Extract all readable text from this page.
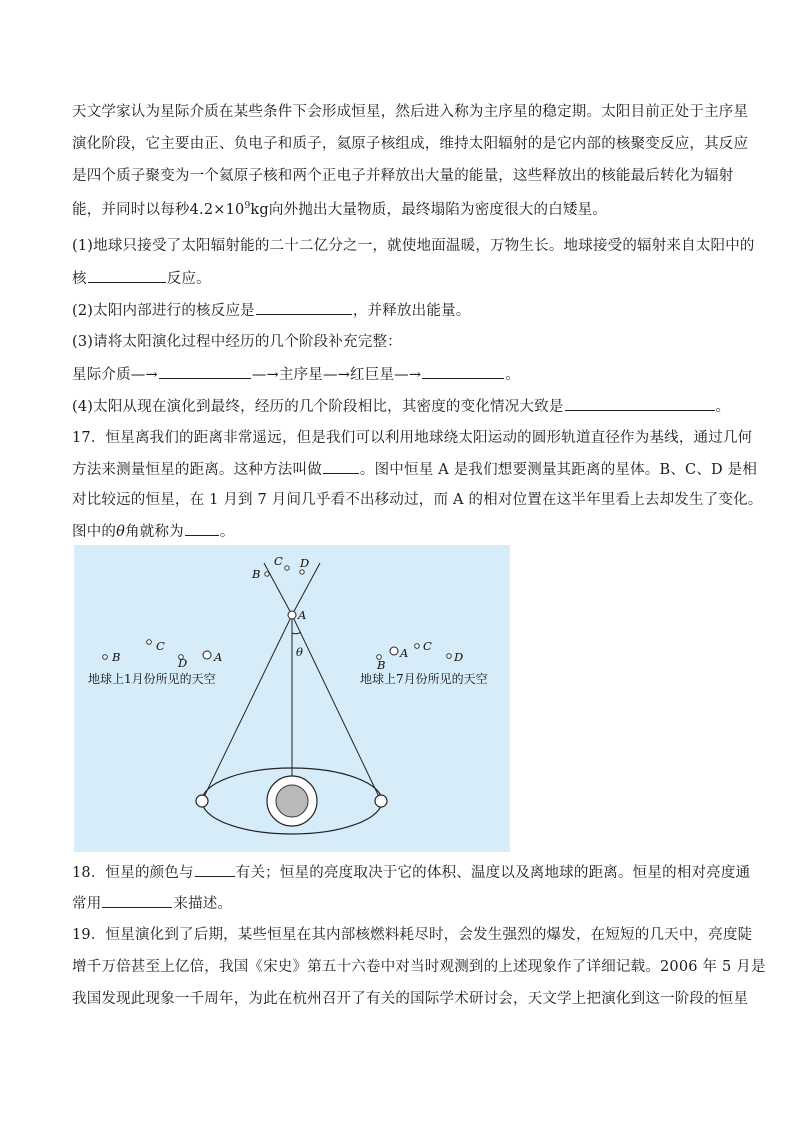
天文学家认为星际介质在某些条件下会形成恒星，然后进入称为主序星的稳定期。太阳目前正处于主序星
演化阶段，它主要由正、负电子和质子，氦原子核组成，维持太阳辐射的是它内部的核聚变反应，其反应
是四个质子聚变为一个氦原子核和两个正电子并释放出大量的能量，这些释放出的核能最后转化为辐射
能，并同时以每秒$4.2\times 10^9kg$向外抛出大量物质，最终塌陷为密度很大的白矮星。
(1)地球只接受了太阳辐射能的二十二亿分之一，就使地面温暖，万物生长。地球接受的辐射来自太阳中的
核	反应。
(2)太阳内部进行的核反应是	，并释放出能量。
(3)请将太阳演化过程中经历的几个阶段补充完整：
星际介质—→	—→主序星—→红巨星—→	。
(4)太阳从现在演化到最终，经历的几个阶段相比，其密度的变化情况大致是	。
17．恒星离我们的距离非常遥远，但是我们可以利用地球绕太阳运动的圆形轨道直径作为基线，通过几何
方法来测量恒星的距离。这种方法叫做	。图中恒星 A 是我们想要测量其距离的星体。B、C、D 是相
对比较远的恒星，在 1 月到 7 月间几乎看不出移动过，而 A 的相对位置在这半年里看上去却发生了变化。
图中的θ角就称为 。
A
θ
B
C D
B
C
D A
地球上1月份所见的天空
B
A C
D
地球上7月份所见的天空
18．恒星的颜色与	有关；恒星的亮度取决于它的体积、温度以及离地球的距离。恒星的相对亮度通
常用	来描述。
19．恒星演化到了后期，某些恒星在其内部核燃料耗尽时，会发生强烈的爆发，在短短的几天中，亮度陡
增千万倍甚至上亿倍，我国《宋史》第五十六卷中对当时观测到的上述现象作了详细记载。2006 年 5 月是
我国发现此现象一千周年，为此在杭州召开了有关的国际学术研讨会，天文学上把演化到这一阶段的恒星
